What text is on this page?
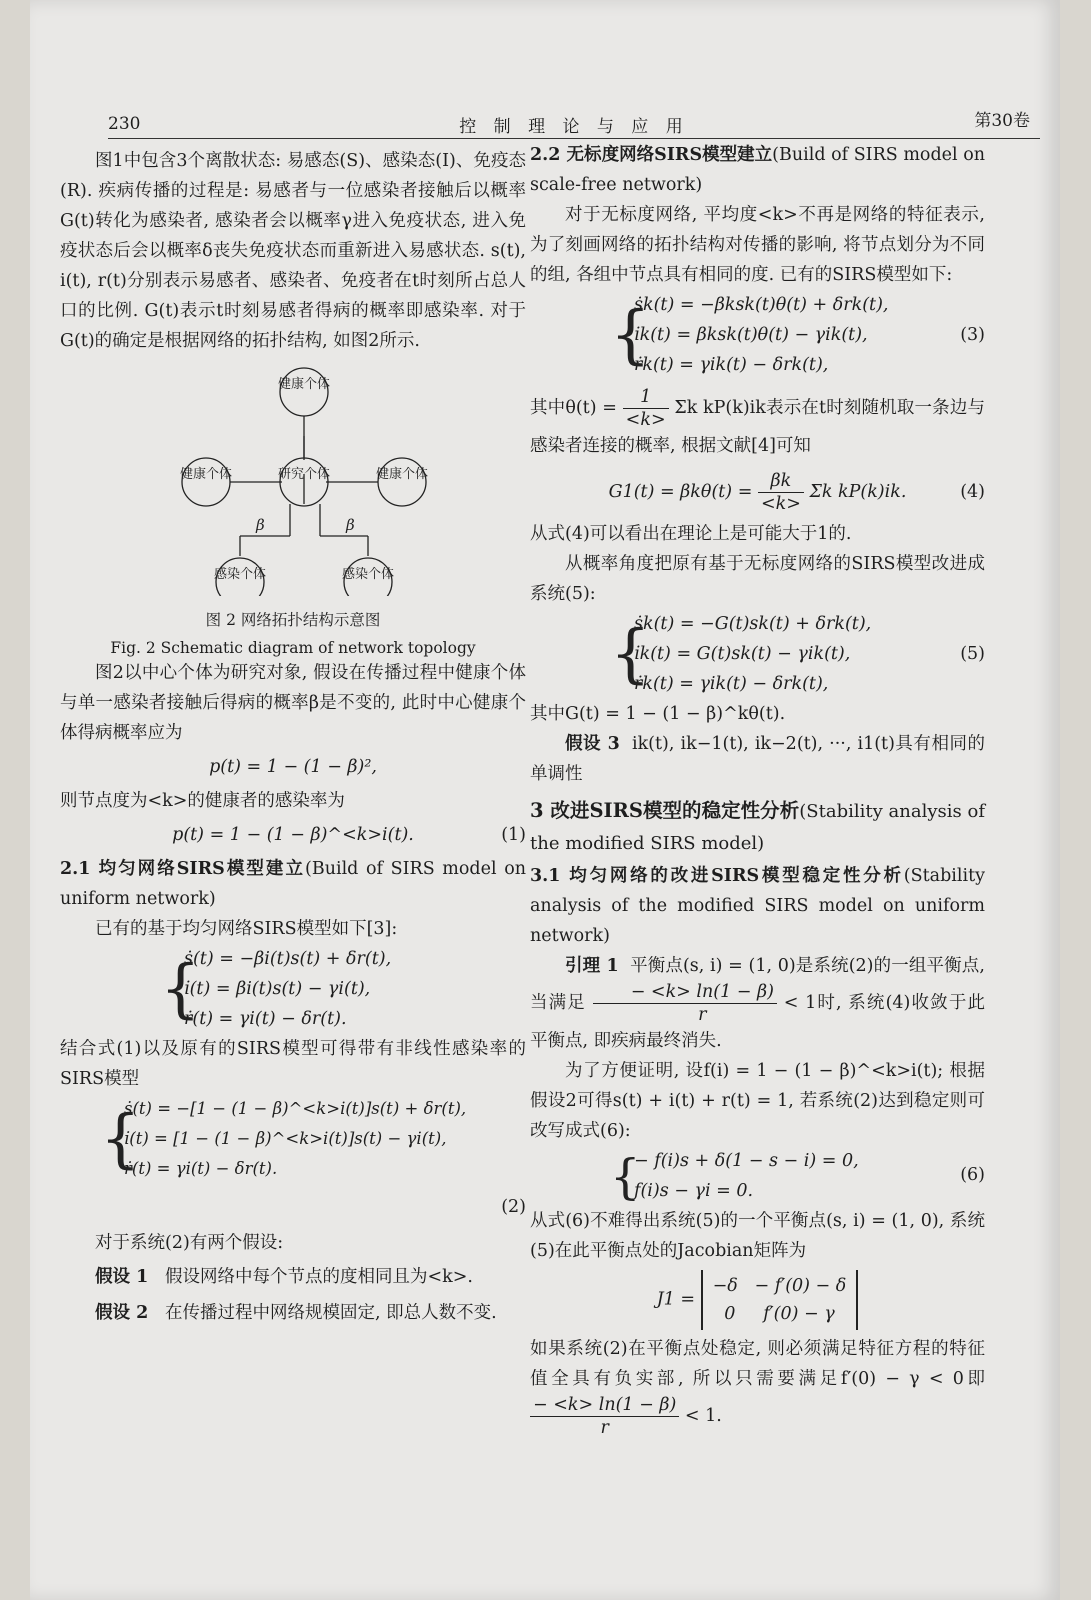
230	控 制 理 论 与 应 用	第30卷

图1中包含3个离散状态: 易感态(S)、感染态(I)、免疫态(R). 疾病传播的过程是: 易感者与一位感染者接触后以概率G(t)转化为感染者, 感染者会以概率γ进入免疫状态, 进入免疫状态后会以概率δ丧失免疫状态而重新进入易感状态. s(t), i(t), r(t)分别表示易感者、感染者、免疫者在t时刻所占总人口的比例. G(t)表示t时刻易感者得病的概率即感染率. 对于G(t)的确定是根据网络的拓扑结构, 如图2所示.

健康个体
健康个体	研究个体	健康个体
感染个体	感染个体
β	β
图 2 网络拓扑结构示意图
Fig. 2 Schematic diagram of network topology

图2以中心个体为研究对象, 假设在传播过程中健康个体与单一感染者接触后得病的概率β是不变的, 此时中心健康个体得病概率应为

p(t) = 1 − (1 − β)²,

则节点度为<k>的健康者的感染率为

p(t) = 1 − (1 − β)^<k>i(t).	(1)

2.1 均匀网络SIRS模型建立(Build of SIRS model on uniform network)

已有的基于均匀网络SIRS模型如下[3]:

{
ṡ(t) = −βi(t)s(t) + δr(t),
i̇(t) = βi(t)s(t) − γi(t),
ṙ(t) = γi(t) − δr(t).

结合式(1)以及原有的SIRS模型可得带有非线性感染率的SIRS模型

{
ṡ(t) = −[1 − (1 − β)^<k>i(t)]s(t) + δr(t),
i̇(t) = [1 − (1 − β)^<k>i(t)]s(t) − γi(t),
ṙ(t) = γi(t) − δr(t).
(2)

对于系统(2)有两个假设:

假设 1 假设网络中每个节点的度相同且为<k>.

假设 2 在传播过程中网络规模固定, 即总人数不变.

2.2 无标度网络SIRS模型建立(Build of SIRS model on scale-free network)

对于无标度网络, 平均度<k>不再是网络的特征表示, 为了刻画网络的拓扑结构对传播的影响, 将节点划分为不同的组, 各组中节点具有相同的度. 已有的SIRS模型如下:

{
ṡk(t) = −βksk(t)θ(t) + δrk(t),
i̇k(t) = βksk(t)θ(t) − γik(t),
ṙk(t) = γik(t) − δrk(t),
(3)

其中$\theta(t) = \frac{1}{<k>}$ Σk kP(k)ik表示在t时刻随机取一条边与感染者连接的概率, 根据文献[4]可知

$G1(t) = \beta k\theta(t) = \frac{\beta k}{<k>}$ Σk kP(k)ik.	(4)

从式(4)可以看出在理论上是可能大于1的.

从概率角度把原有基于无标度网络的SIRS模型改进成系统(5):

{
ṡk(t) = −G(t)sk(t) + δrk(t),
i̇k(t) = G(t)sk(t) − γik(t),
ṙk(t) = γik(t) − δrk(t),
(5)

其中G(t) = 1 − (1 − β)^kθ(t).

假设 3 ik(t), ik−1(t), ik−2(t), ···, i1(t)具有相同的单调性

3 改进SIRS模型的稳定性分析(Stability analysis of the modified SIRS model)

3.1 均匀网络的改进SIRS模型稳定性分析(Stability analysis of the modified SIRS model on uniform network)

引理 1 平衡点(s, i) = (1, 0)是系统(2)的一组平衡点, 当满足 $\frac{- <k> \ln(1 - \beta)}{r} < 1$时, 系统(4)收敛于此平衡点, 即疾病最终消失.

为了方便证明, 设f(i) = 1 − (1 − β)^<k>i(t); 根据假设2可得s(t) + i(t) + r(t) = 1, 若系统(2)达到稳定则可改写成式(6):

{
− f(i)s + δ(1 − s − i) = 0,
f(i)s − γi = 0.
(6)

从式(6)不难得出系统(5)的一个平衡点(s, i) = (1, 0), 系统(5)在此平衡点处的Jacobian矩阵为

J1 = −δ − f′(0) − δ
0 f′(0) − γ

如果系统(2)在平衡点处稳定, 则必须满足特征方程的特征值全具有负实部, 所以只需要满足f′(0) − γ < 0即
$\frac{- <k> \ln(1 - \beta)}{r} < 1$.
